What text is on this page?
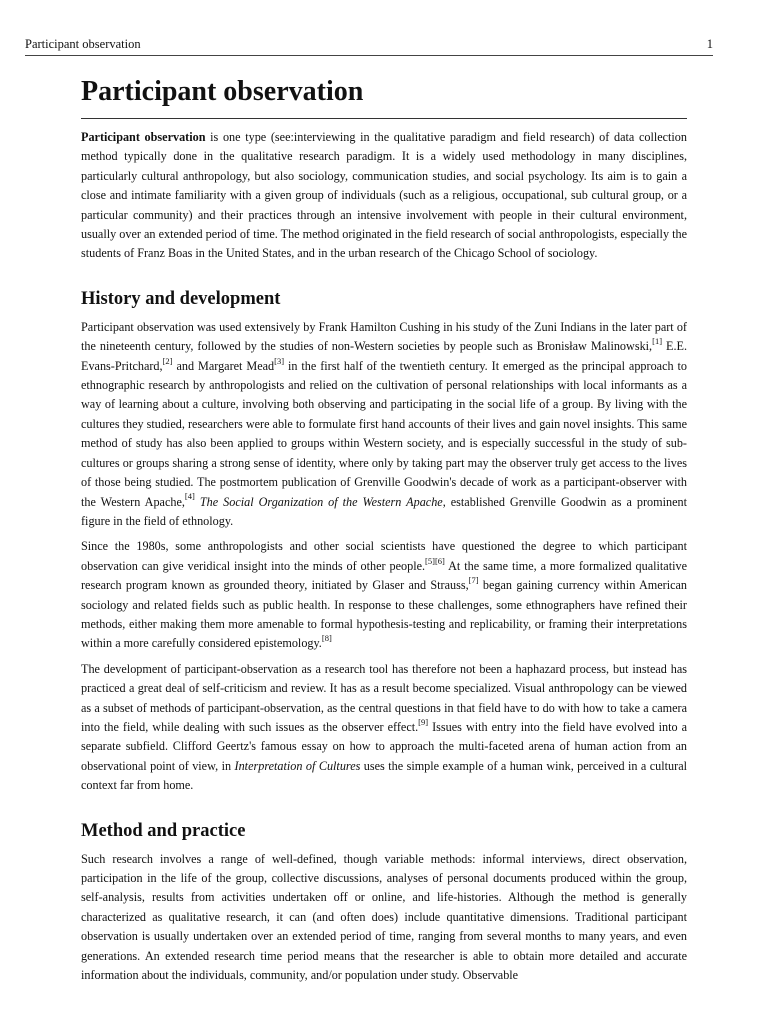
Participant observation	1
Participant observation

Participant observation is one type (see:interviewing in the qualitative paradigm and field research) of data collection method typically done in the qualitative research paradigm. It is a widely used methodology in many disciplines, particularly cultural anthropology, but also sociology, communication studies, and social psychology. Its aim is to gain a close and intimate familiarity with a given group of individuals (such as a religious, occupational, sub cultural group, or a particular community) and their practices through an intensive involvement with people in their cultural environment, usually over an extended period of time. The method originated in the field research of social anthropologists, especially the students of Franz Boas in the United States, and in the urban research of the Chicago School of sociology.

History and development

Participant observation was used extensively by Frank Hamilton Cushing in his study of the Zuni Indians in the later part of the nineteenth century, followed by the studies of non-Western societies by people such as Bronisław Malinowski,[1] E.E. Evans-Pritchard,[2] and Margaret Mead[3] in the first half of the twentieth century. It emerged as the principal approach to ethnographic research by anthropologists and relied on the cultivation of personal relationships with local informants as a way of learning about a culture, involving both observing and participating in the social life of a group. By living with the cultures they studied, researchers were able to formulate first hand accounts of their lives and gain novel insights. This same method of study has also been applied to groups within Western society, and is especially successful in the study of sub-cultures or groups sharing a strong sense of identity, where only by taking part may the observer truly get access to the lives of those being studied. The postmortem publication of Grenville Goodwin's decade of work as a participant-observer with the Western Apache,[4] The Social Organization of the Western Apache, established Grenville Goodwin as a prominent figure in the field of ethnology.

Since the 1980s, some anthropologists and other social scientists have questioned the degree to which participant observation can give veridical insight into the minds of other people.[5][6] At the same time, a more formalized qualitative research program known as grounded theory, initiated by Glaser and Strauss,[7] began gaining currency within American sociology and related fields such as public health. In response to these challenges, some ethnographers have refined their methods, either making them more amenable to formal hypothesis-testing and replicability, or framing their interpretations within a more carefully considered epistemology.[8]

The development of participant-observation as a research tool has therefore not been a haphazard process, but instead has practiced a great deal of self-criticism and review. It has as a result become specialized. Visual anthropology can be viewed as a subset of methods of participant-observation, as the central questions in that field have to do with how to take a camera into the field, while dealing with such issues as the observer effect.[9] Issues with entry into the field have evolved into a separate subfield. Clifford Geertz's famous essay on how to approach the multi-faceted arena of human action from an observational point of view, in Interpretation of Cultures uses the simple example of a human wink, perceived in a cultural context far from home.

Method and practice

Such research involves a range of well-defined, though variable methods: informal interviews, direct observation, participation in the life of the group, collective discussions, analyses of personal documents produced within the group, self-analysis, results from activities undertaken off or online, and life-histories. Although the method is generally characterized as qualitative research, it can (and often does) include quantitative dimensions. Traditional participant observation is usually undertaken over an extended period of time, ranging from several months to many years, and even generations. An extended research time period means that the researcher is able to obtain more detailed and accurate information about the individuals, community, and/or population under study. Observable
